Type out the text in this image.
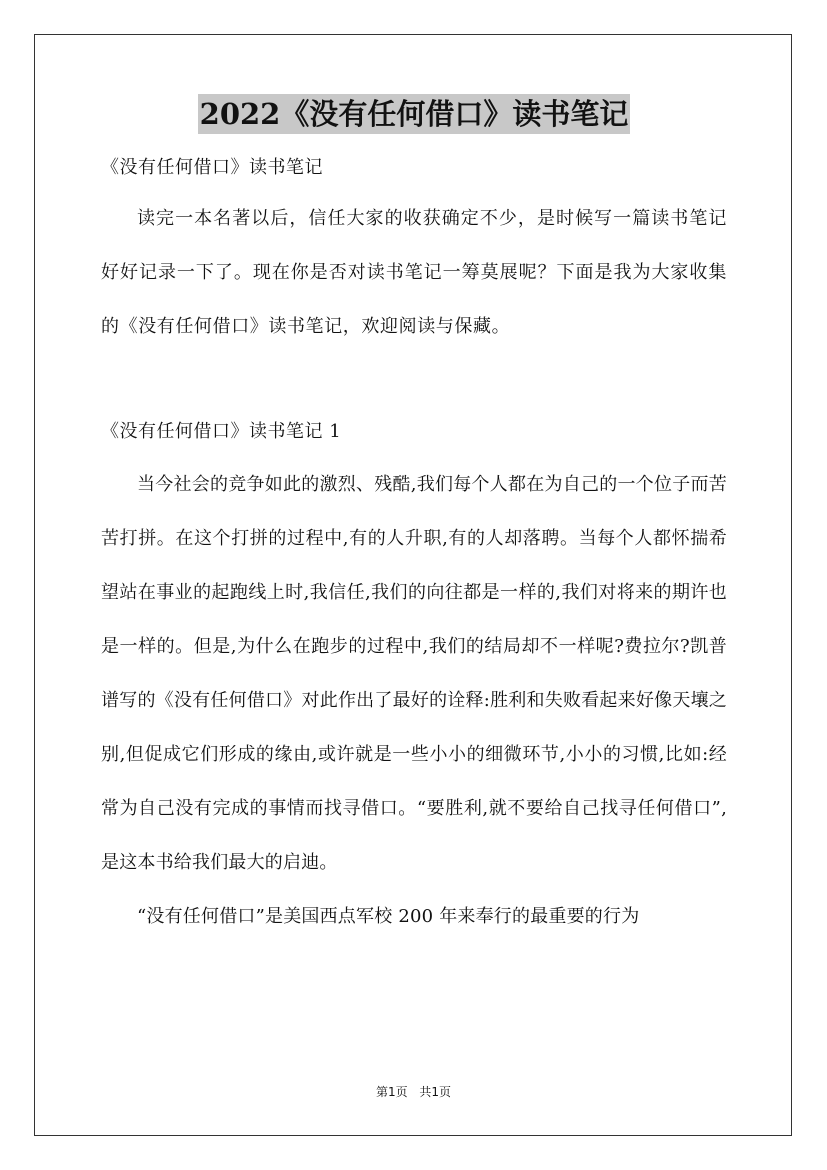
2022《没有任何借口》读书笔记

《没有任何借口》读书笔记

读完一本名著以后，信任大家的收获确定不少，是时候写一篇读书笔记好好记录一下了。现在你是否对读书笔记一筹莫展呢？下面是我为大家收集的《没有任何借口》读书笔记，欢迎阅读与保藏。

《没有任何借口》读书笔记 1

当今社会的竞争如此的激烈、残酷,我们每个人都在为自己的一个位子而苦苦打拼。在这个打拼的过程中,有的人升职,有的人却落聘。当每个人都怀揣希望站在事业的起跑线上时,我信任,我们的向往都是一样的,我们对将来的期许也是一样的。但是,为什么在跑步的过程中,我们的结局却不一样呢?费拉尔?凯普谱写的《没有任何借口》对此作出了最好的诠释:胜利和失败看起来好像天壤之别,但促成它们形成的缘由,或许就是一些小小的细微环节,小小的习惯,比如:经常为自己没有完成的事情而找寻借口。“要胜利,就不要给自己找寻任何借口”,是这本书给我们最大的启迪。

“没有任何借口”是美国西点军校 200 年来奉行的最重要的行为

第1页 共1页
